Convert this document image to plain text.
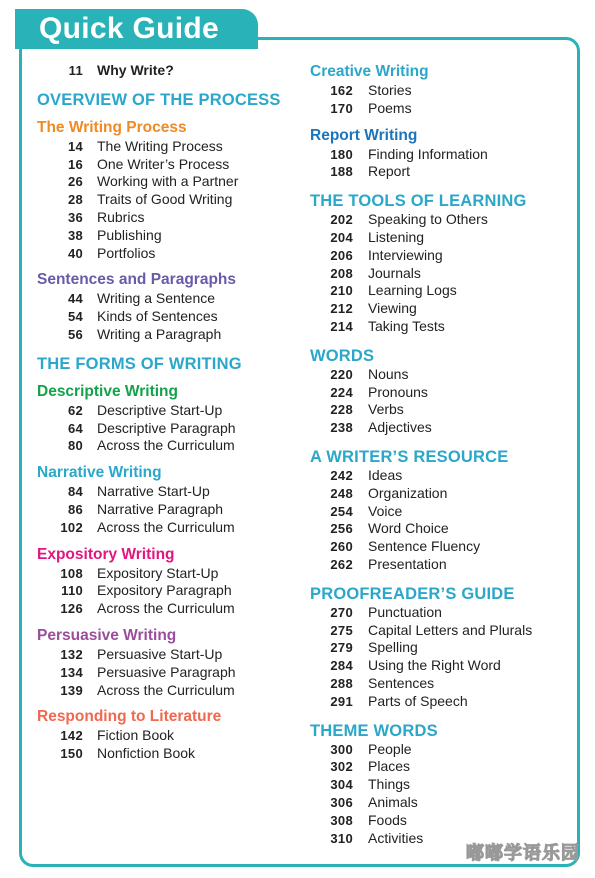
Quick Guide
11	Why Write?
OVERVIEW OF THE PROCESS
The Writing Process
14	The Writing Process
16	One Writer’s Process
26	Working with a Partner
28	Traits of Good Writing
36	Rubrics
38	Publishing
40	Portfolios
Sentences and Paragraphs
44	Writing a Sentence
54	Kinds of Sentences
56	Writing a Paragraph
THE FORMS OF WRITING
Descriptive Writing
62	Descriptive Start-Up
64	Descriptive Paragraph
80	Across the Curriculum
Narrative Writing
84	Narrative Start-Up
86	Narrative Paragraph
102	Across the Curriculum
Expository Writing
108	Expository Start-Up
110	Expository Paragraph
126	Across the Curriculum
Persuasive Writing
132	Persuasive Start-Up
134	Persuasive Paragraph
139	Across the Curriculum
Responding to Literature
142	Fiction Book
150	Nonfiction Book
Creative Writing
162	Stories
170	Poems
Report Writing
180	Finding Information
188	Report
THE TOOLS OF LEARNING
202	Speaking to Others
204	Listening
206	Interviewing
208	Journals
210	Learning Logs
212	Viewing
214	Taking Tests
WORDS
220	Nouns
224	Pronouns
228	Verbs
238	Adjectives
A WRITER’S RESOURCE
242	Ideas
248	Organization
254	Voice
256	Word Choice
260	Sentence Fluency
262	Presentation
PROOFREADER’S GUIDE
270	Punctuation
275	Capital Letters and Plurals
279	Spelling
284	Using the Right Word
288	Sentences
291	Parts of Speech
THEME WORDS
300	People
302	Places
304	Things
306	Animals
308	Foods
310	Activities
嘟嘟学语乐园
